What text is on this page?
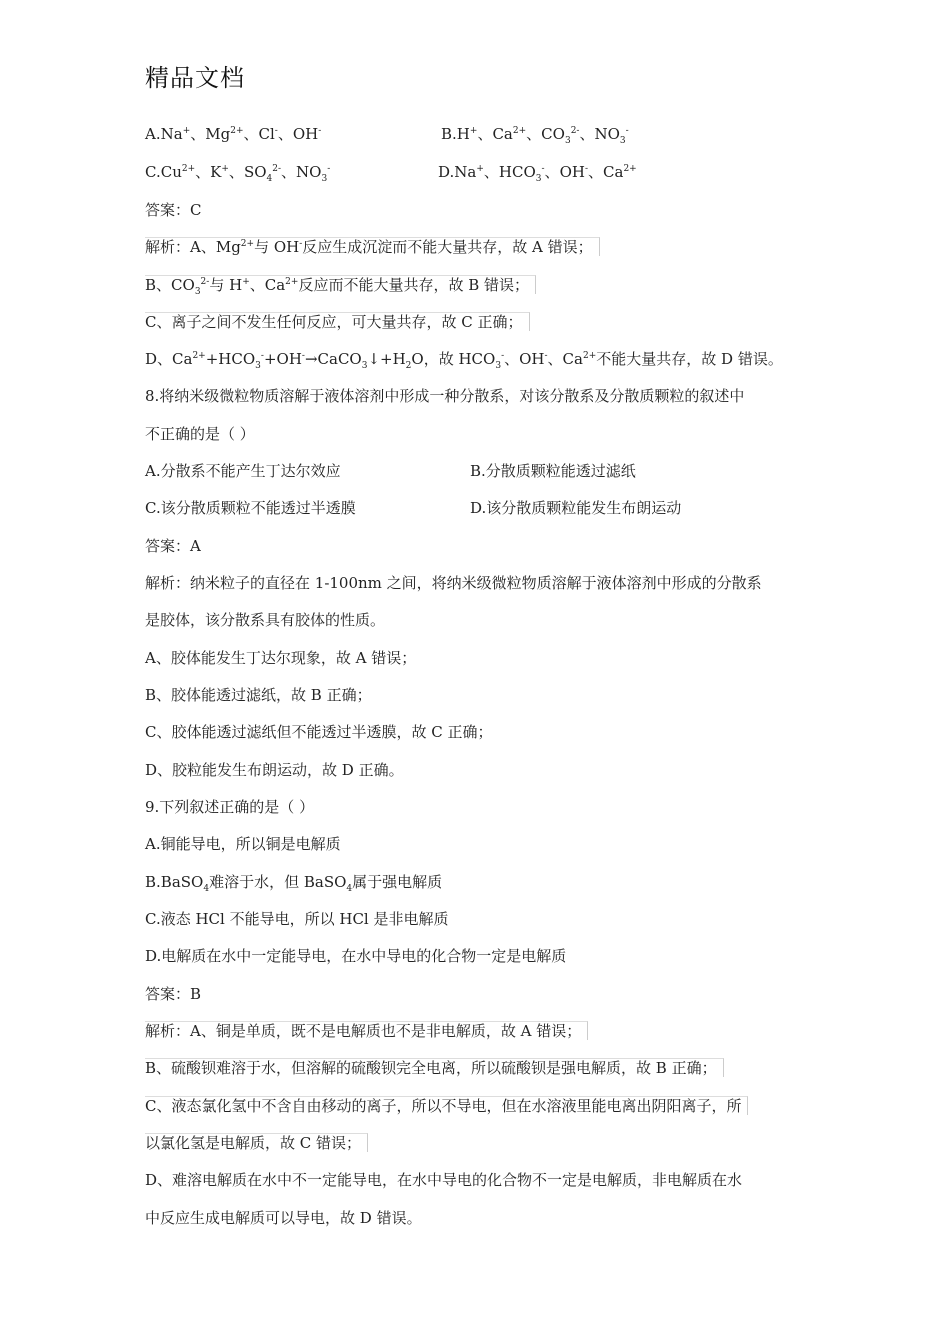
精品文档
A.Na+、$Mg^{2+}$、Cl-、OH-	B.H+、$Ca^{2+}$、$CO_3^{2-}$、$NO_3^-$
$C.Cu^{2+}$、K+、$SO_4^{2-}$、$NO_3^-$	D.Na+、$HCO_3^-$、OH-、$Ca^{2+}$
答案：C
解析：A、$Mg^{2+}$与 OH-反应生成沉淀而不能大量共存，故 A 错误；
B、$CO_3^{2-}$与 H+、$Ca^{2+}$反应而不能大量共存，故 B 错误；
C、离子之间不发生任何反应，可大量共存，故 C 正确；
D、$Ca^{2+}+HCO_3^-+OH^-\to CaCO_3↓+H_2O$，故 $HCO_3^-$、OH-、$Ca^{2+}$不能大量共存，故 D 错误。
8.将纳米级微粒物质溶解于液体溶剂中形成一种分散系，对该分散系及分散质颗粒的叙述中
不正确的是（ ）
A.分散系不能产生丁达尔效应	B.分散质颗粒能透过滤纸
C.该分散质颗粒不能透过半透膜	D.该分散质颗粒能发生布朗运动
答案：A
解析：纳米粒子的直径在 1-100nm 之间，将纳米级微粒物质溶解于液体溶剂中形成的分散系
是胶体，该分散系具有胶体的性质。
A、胶体能发生丁达尔现象，故 A 错误；
B、胶体能透过滤纸，故 B 正确；
C、胶体能透过滤纸但不能透过半透膜，故 C 正确；
D、胶粒能发生布朗运动，故 D 正确。
9.下列叙述正确的是（ ）
A.铜能导电，所以铜是电解质
B.BaSO$_4$难溶于水，但 BaSO$_4$属于强电解质
C.液态 HCl 不能导电，所以 HCl 是非电解质
D.电解质在水中一定能导电，在水中导电的化合物一定是电解质
答案：B
解析：A、铜是单质，既不是电解质也不是非电解质，故 A 错误；
B、硫酸钡难溶于水，但溶解的硫酸钡完全电离，所以硫酸钡是强电解质，故 B 正确；
C、液态氯化氢中不含自由移动的离子，所以不导电，但在水溶液里能电离出阴阳离子，所
以氯化氢是电解质，故 C 错误；
D、难溶电解质在水中不一定能导电，在水中导电的化合物不一定是电解质，非电解质在水
中反应生成电解质可以导电，故 D 错误。
